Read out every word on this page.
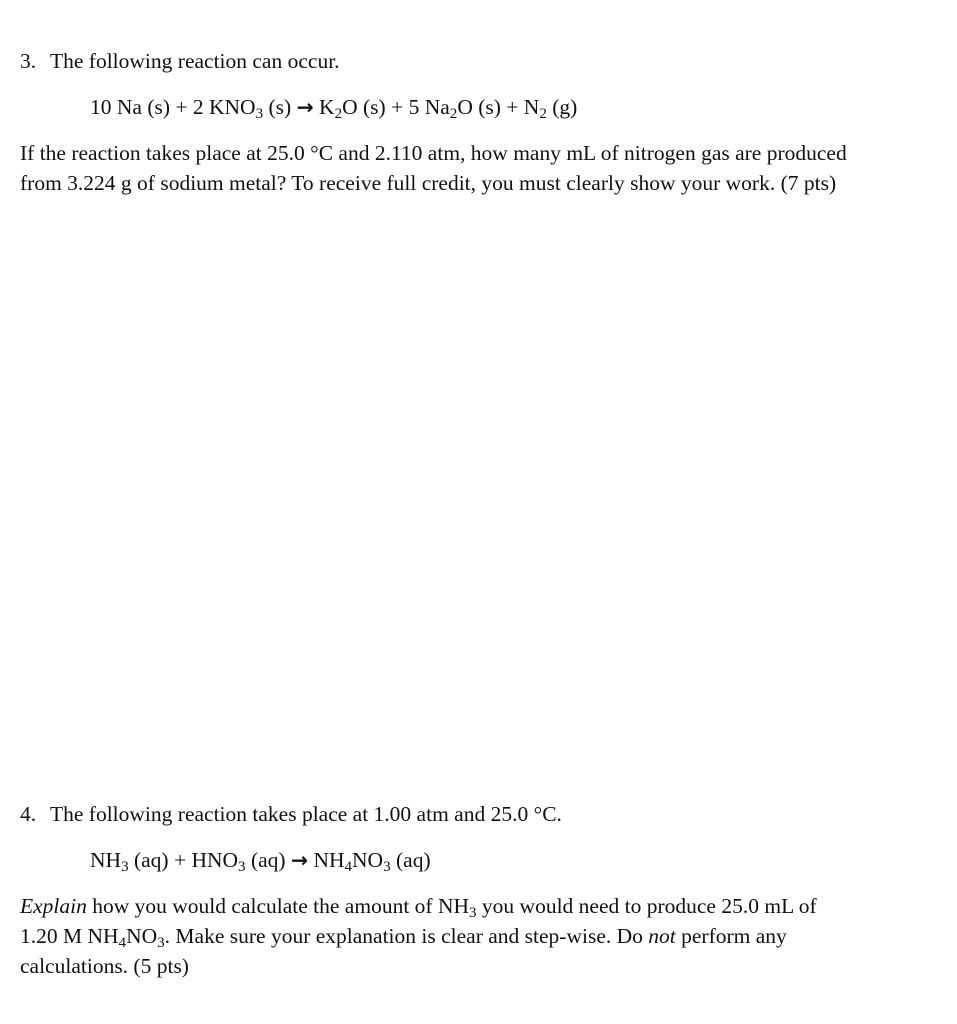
3. The following reaction can occur.

10 Na (s) + 2 $KNO_3$ $(s) \to K_2O$ (s) + 5 $Na_2O$ $(s) + N_2$ (g)
If the reaction takes place at 25.0 °C and 2.110 atm, how many mL of nitrogen gas are produced
from 3.224 g of sodium metal? To receive full credit, you must clearly show your work. (7 pts)

4. The following reaction takes place at 1.00 atm and 25.0 °C.

$NH_3$ $(aq) + HNO_3$ $(aq) \to NH_4NO_3$ (aq)
Explain how you would calculate the amount of $NH_3$ you would need to produce 25.0 mL of
1.20 M $NH_4NO_3$. Make sure your explanation is clear and step-wise. Do not perform any
calculations. (5 pts)
